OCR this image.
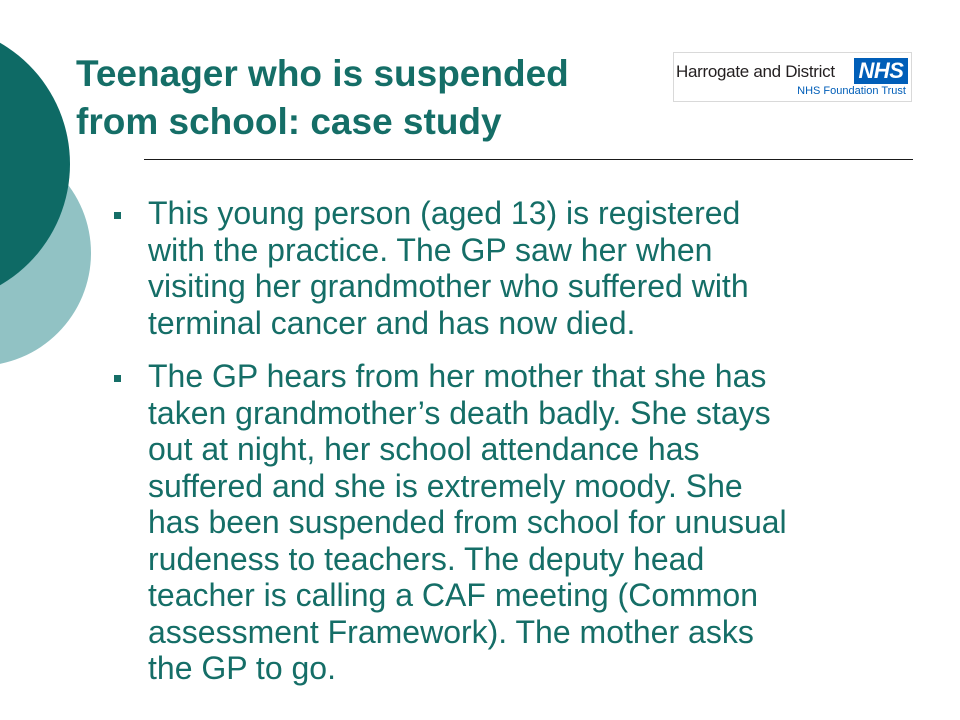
Teenager who is suspended
from school: case study
Harrogate and District NHS
NHS Foundation Trust
This young person (aged 13) is registered
with the practice. The GP saw her when
visiting her grandmother who suffered with
terminal cancer and has now died.
The GP hears from her mother that she has
taken grandmother’s death badly. She stays
out at night, her school attendance has
suffered and she is extremely moody. She
has been suspended from school for unusual
rudeness to teachers. The deputy head
teacher is calling a CAF meeting (Common
assessment Framework). The mother asks
the GP to go.
